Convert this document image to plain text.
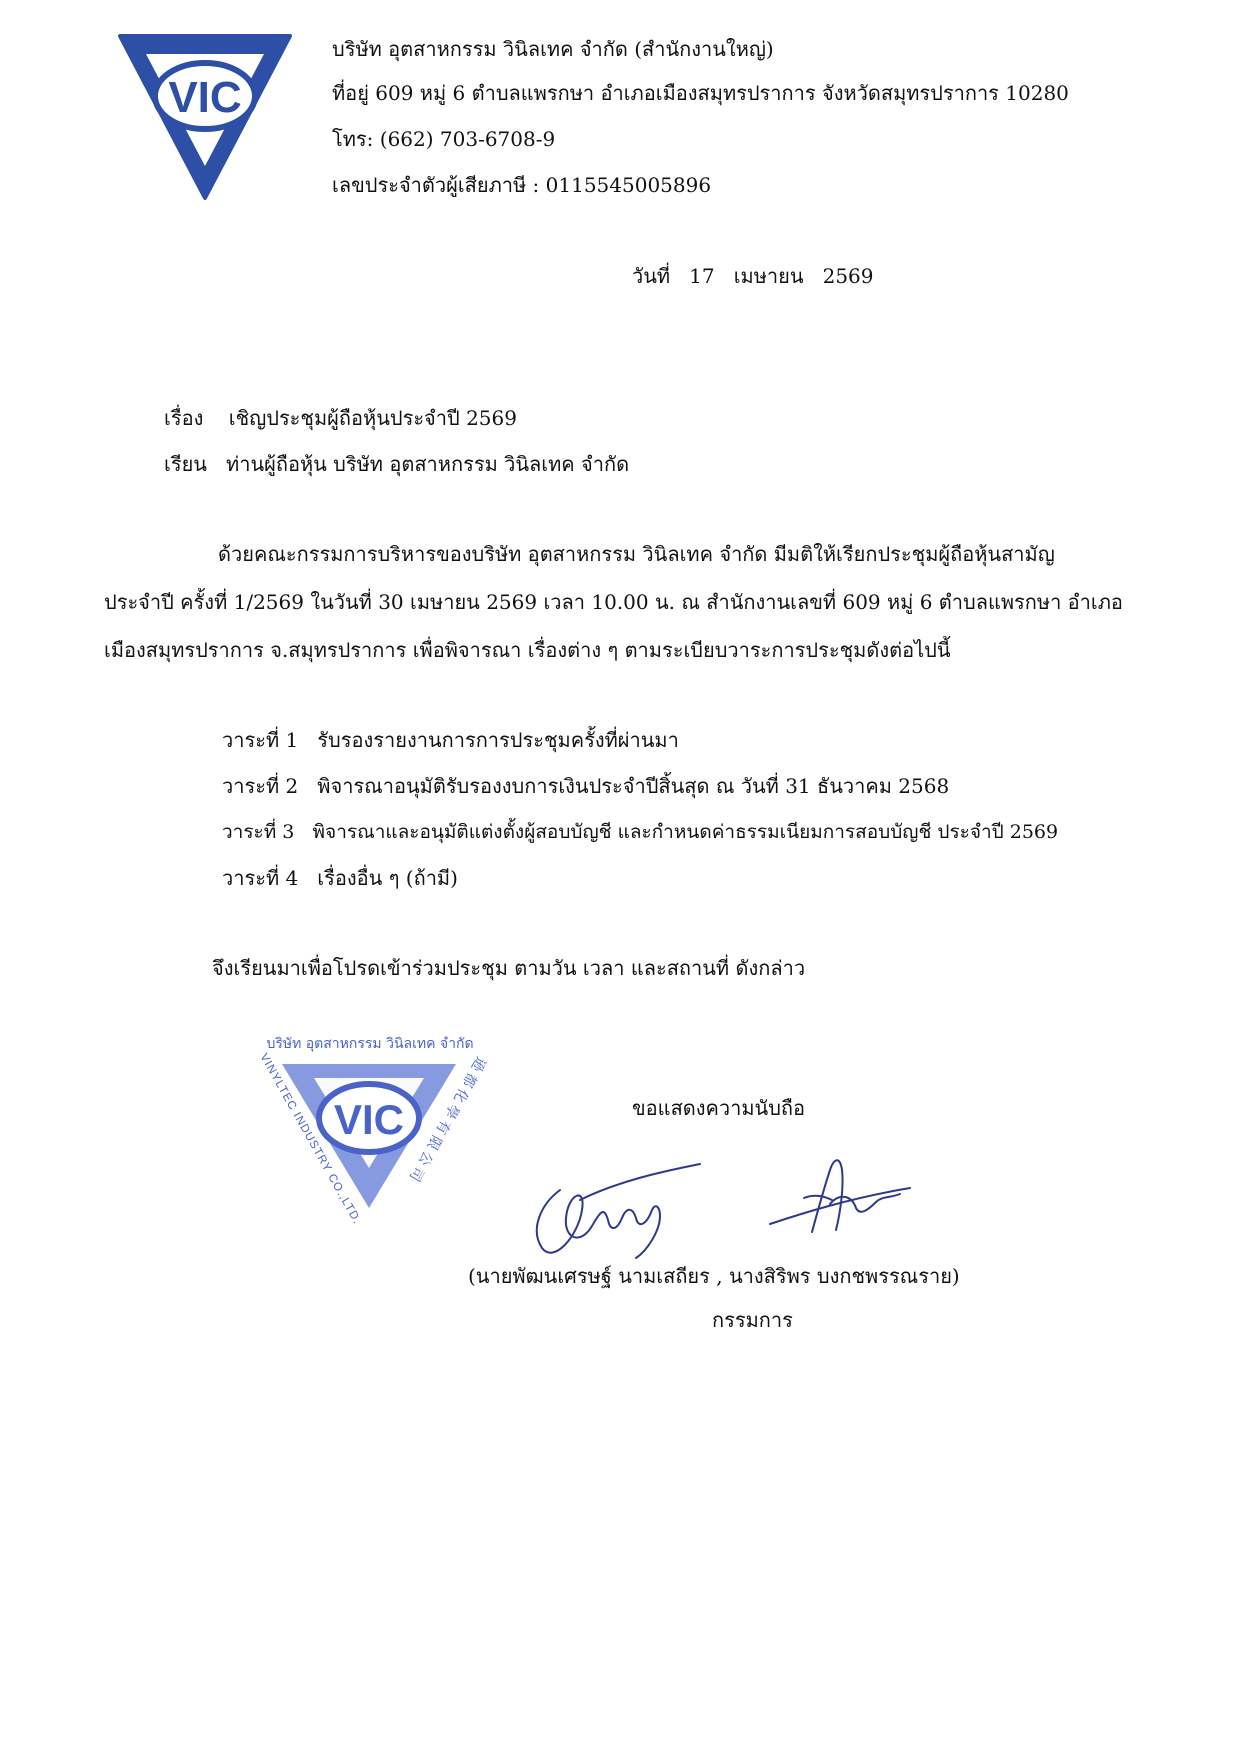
VIC
บริษัท อุตสาหกรรม วินิลเทค จำกัด (สำนักงานใหญ่)
ที่อยู่ 609 หมู่ 6 ตำบลแพรกษา อำเภอเมืองสมุทรปราการ จังหวัดสมุทรปราการ 10280
โทร: (662) 703-6708-9
เลขประจำตัวผู้เสียภาษี : 0115545005896
วันที่ 17 เมษายน 2569
เรื่อง เชิญประชุมผู้ถือหุ้นประจำปี 2569
เรียน ท่านผู้ถือหุ้น บริษัท อุตสาหกรรม วินิลเทค จำกัด
ด้วยคณะกรรมการบริหารของบริษัท อุตสาหกรรม วินิลเทค จำกัด มีมติให้เรียกประชุมผู้ถือหุ้นสามัญ
ประจำปี ครั้งที่ 1/2569 ในวันที่ 30 เมษายน 2569 เวลา 10.00 น. ณ สำนักงานเลขที่ 609 หมู่ 6 ตำบลแพรกษา อำเภอ
เมืองสมุทรปราการ จ.สมุทรปราการ เพื่อพิจารณา เรื่องต่าง ๆ ตามระเบียบวาระการประชุมดังต่อไปนี้
วาระที่ 1 รับรองรายงานการการประชุมครั้งที่ผ่านมา
วาระที่ 2 พิจารณาอนุมัติรับรองงบการเงินประจำปีสิ้นสุด ณ วันที่ 31 ธันวาคม 2568
วาระที่ 3 พิจารณาและอนุมัติแต่งตั้งผู้สอบบัญชี และกำหนดค่าธรรมเนียมการสอบบัญชี ประจำปี 2569
วาระที่ 4 เรื่องอื่น ๆ (ถ้ามี)
จึงเรียนมาเพื่อโปรดเข้าร่วมประชุม ตามวัน เวลา และสถานที่ ดังกล่าว
บริษัท อุตสาหกรรม วินิลเทค จำกัด
VINYLTEC INDUSTRY CO.,LTD.
逊都化學有限公司
VIC	ขอแสดงความนับถือ
(นายพัฒนเศรษฐ์ นามเสถียร , นางสิริพร บงกชพรรณราย)
กรรมการ
